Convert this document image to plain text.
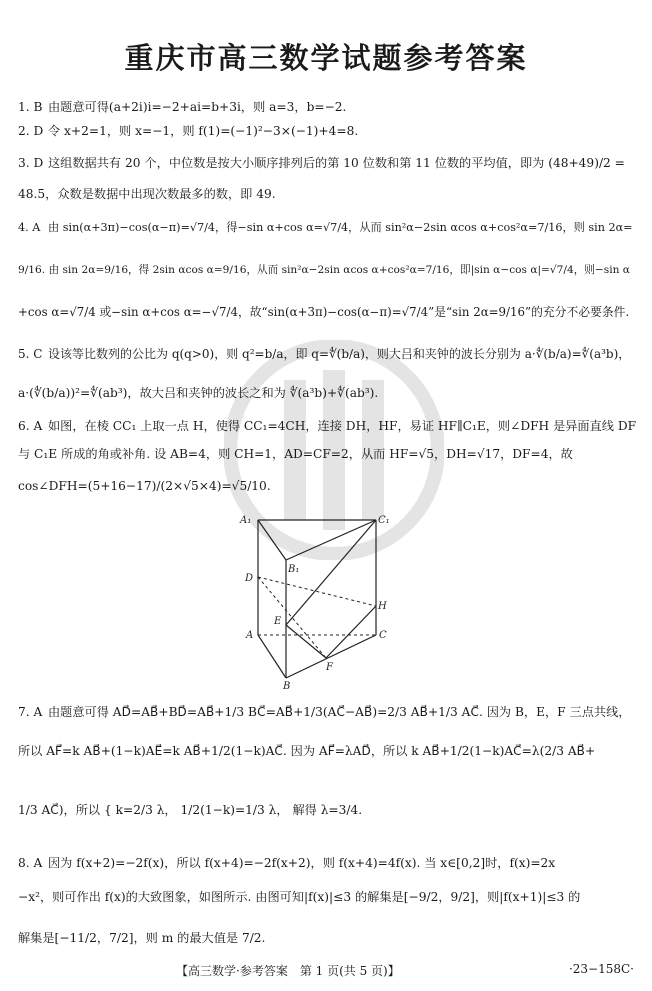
重庆市高三数学试题参考答案
1. B 由题意可得(a+2i)i=−2+ai=b+3i，则 a=3，b=−2.
2. D 令 x+2=1，则 x=−1，则 f(1)=(−1)²−3×(−1)+4=8.
3. D 这组数据共有 20 个，中位数是按大小顺序排列后的第 10 位数和第 11 位数的平均值，即为 (48+49)/2 =
48.5，众数是数据中出现次数最多的数，即 49.
4. A 由 sin(α+3π)−cos(α−π)=√7/4，得−sin α+cos α=√7/4，从而 sin²α−2sin αcos α+cos²α=7/16，则 sin 2α=
9/16. 由 sin 2α=9/16，得 2sin αcos α=9/16，从而 sin²α−2sin αcos α+cos²α=7/16，即|sin α−cos α|=√7/4，则−sin α
+cos α=√7/4 或−sin α+cos α=−√7/4，故“sin(α+3π)−cos(α−π)=√7/4”是“sin 2α=9/16”的充分不必要条件.
5. C 设该等比数列的公比为 q(q>0)，则 q²=b/a，即 q=∜(b/a)，则大吕和夹钟的波长分别为 a·∜(b/a)=∜(a³b)，
a·(∜(b/a))²=∜(ab³)，故大吕和夹钟的波长之和为 ∜(a³b)+∜(ab³).
6. A 如图，在棱 CC₁ 上取一点 H，使得 CC₁=4CH，连接 DH，HF，易证 HF∥C₁E，则∠DFH 是异面直线 DF
与 C₁E 所成的角或补角. 设 AB=4，则 CH=1，AD=CF=2，从而 HF=√5，DH=√17，DF=4，故
cos∠DFH=(5+16−17)/(2×√5×4)=√5/10.
7. A 由题意可得 AD⃗=AB⃗+BD⃗=AB⃗+1/3 BC⃗=AB⃗+1/3(AC⃗−AB⃗)=2/3 AB⃗+1/3 AC⃗. 因为 B，E，F 三点共线，
所以 AF⃗=k AB⃗+(1−k)AE⃗=k AB⃗+1/2(1−k)AC⃗. 因为 AF⃗=λAD⃗，所以 k AB⃗+1/2(1−k)AC⃗=λ(2/3 AB⃗+
1/3 AC⃗)，所以 { k=2/3 λ， 1/2(1−k)=1/3 λ， 解得 λ=3/4.
8. A 因为 f(x+2)=−2f(x)，所以 f(x+4)=−2f(x+2)，则 f(x+4)=4f(x). 当 x∈[0,2]时，f(x)=2x
−x²，则可作出 f(x)的大致图象，如图所示. 由图可知|f(x)|≤3 的解集是[−9/2，9/2]，则|f(x+1)|≤3 的
解集是[−11/2，7/2]，则 m 的最大值是 7/2.
A₁	C₁
B₁
D
H
E
A	C
F
B
【高三数学·参考答案　第 1 页(共 5 页)】	·23−158C·
